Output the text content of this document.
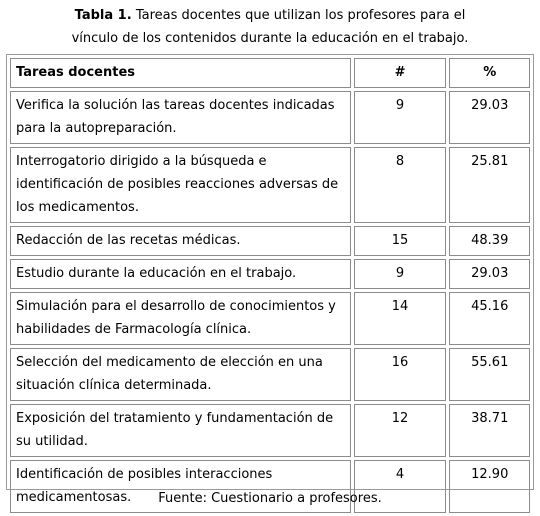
Tabla 1. Tareas docentes que utilizan los profesores para el
vínculo de los contenidos durante la educación en el trabajo.
Tareas docentes	#	%
Verifica la solución las tareas docentes indicadas para la autopreparación.	9	29.03
Interrogatorio dirigido a la búsqueda e identificación de posibles reacciones adversas de los medicamentos.	8	25.81
Redacción de las recetas médicas.	15	48.39
Estudio durante la educación en el trabajo.	9	29.03
Simulación para el desarrollo de conocimientos y habilidades de Farmacología clínica.	14	45.16
Selección del medicamento de elección en una situación clínica determinada.	16	55.61
Exposición del tratamiento y fundamentación de su utilidad.	12	38.71
Identificación de posibles interacciones medicamentosas.	4	12.90
Fuente: Cuestionario a profesores.
